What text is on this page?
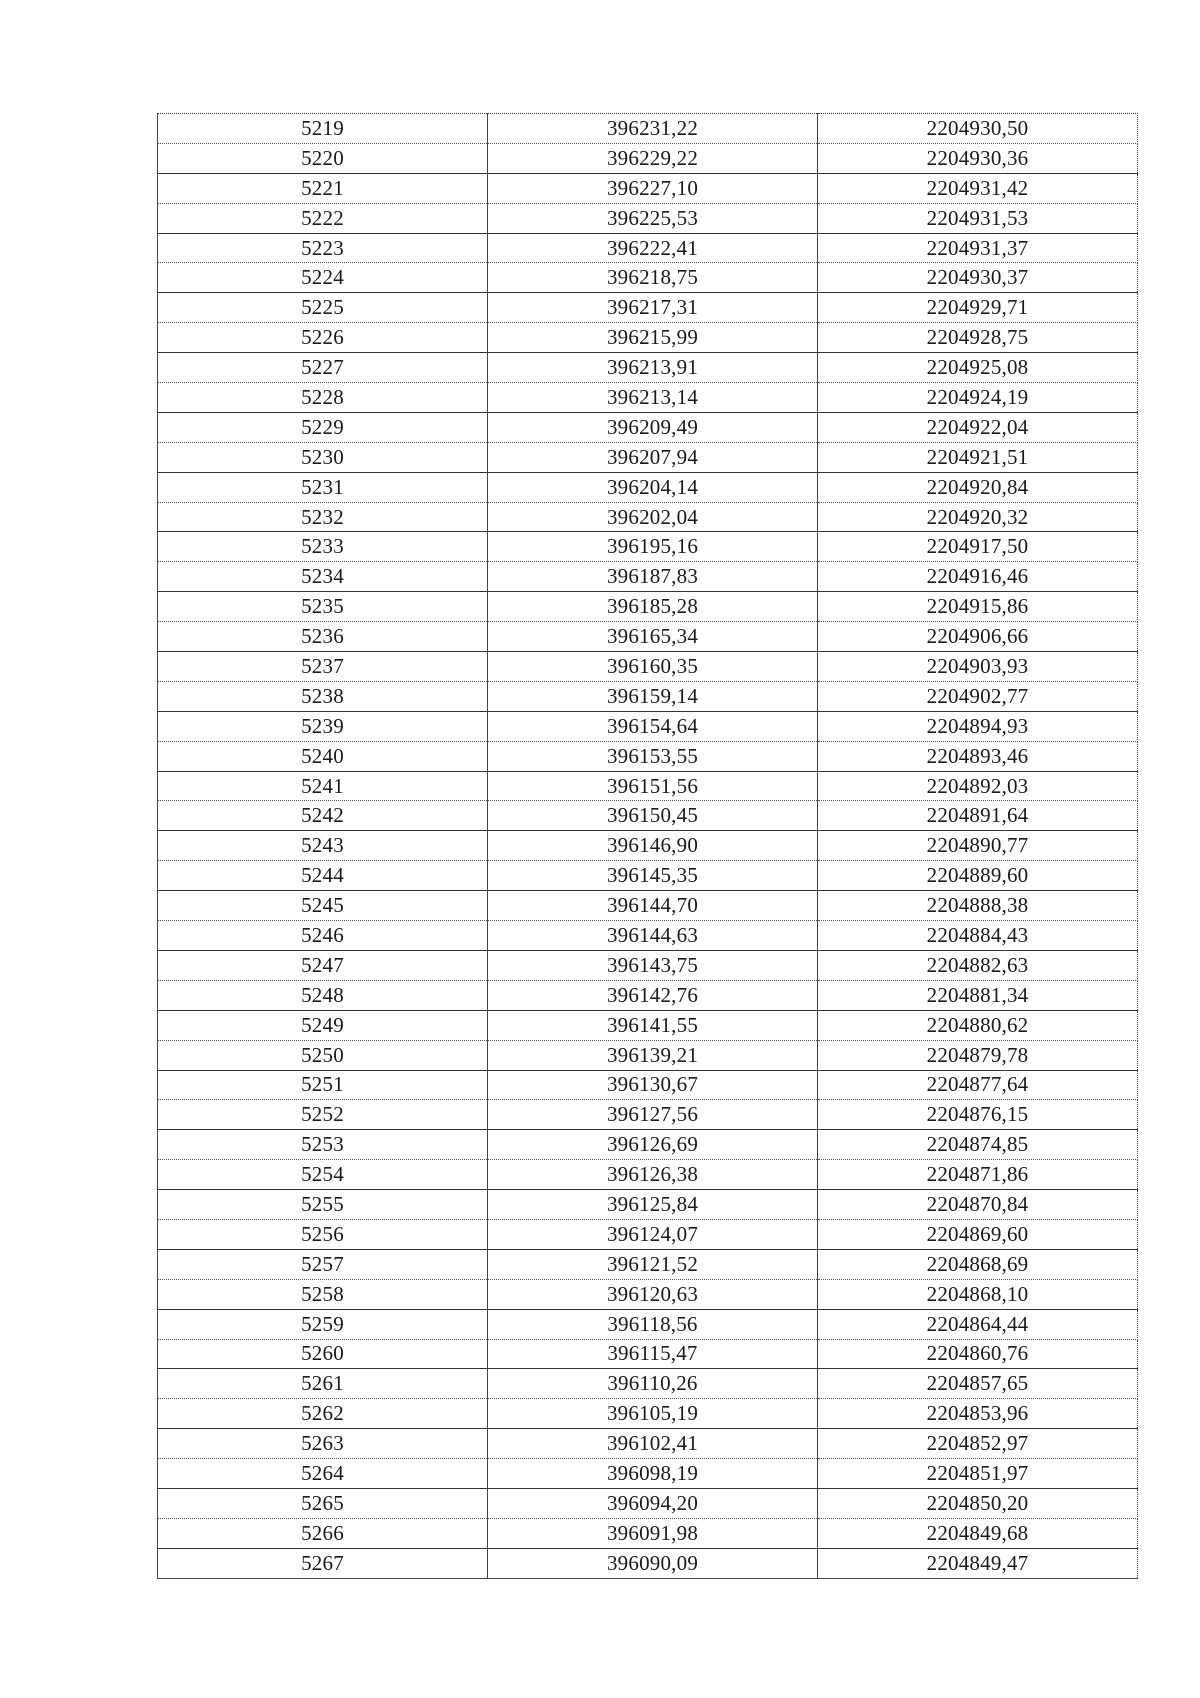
5219	396231,22	2204930,50
5220	396229,22	2204930,36
5221	396227,10	2204931,42
5222	396225,53	2204931,53
5223	396222,41	2204931,37
5224	396218,75	2204930,37
5225	396217,31	2204929,71
5226	396215,99	2204928,75
5227	396213,91	2204925,08
5228	396213,14	2204924,19
5229	396209,49	2204922,04
5230	396207,94	2204921,51
5231	396204,14	2204920,84
5232	396202,04	2204920,32
5233	396195,16	2204917,50
5234	396187,83	2204916,46
5235	396185,28	2204915,86
5236	396165,34	2204906,66
5237	396160,35	2204903,93
5238	396159,14	2204902,77
5239	396154,64	2204894,93
5240	396153,55	2204893,46
5241	396151,56	2204892,03
5242	396150,45	2204891,64
5243	396146,90	2204890,77
5244	396145,35	2204889,60
5245	396144,70	2204888,38
5246	396144,63	2204884,43
5247	396143,75	2204882,63
5248	396142,76	2204881,34
5249	396141,55	2204880,62
5250	396139,21	2204879,78
5251	396130,67	2204877,64
5252	396127,56	2204876,15
5253	396126,69	2204874,85
5254	396126,38	2204871,86
5255	396125,84	2204870,84
5256	396124,07	2204869,60
5257	396121,52	2204868,69
5258	396120,63	2204868,10
5259	396118,56	2204864,44
5260	396115,47	2204860,76
5261	396110,26	2204857,65
5262	396105,19	2204853,96
5263	396102,41	2204852,97
5264	396098,19	2204851,97
5265	396094,20	2204850,20
5266	396091,98	2204849,68
5267	396090,09	2204849,47
